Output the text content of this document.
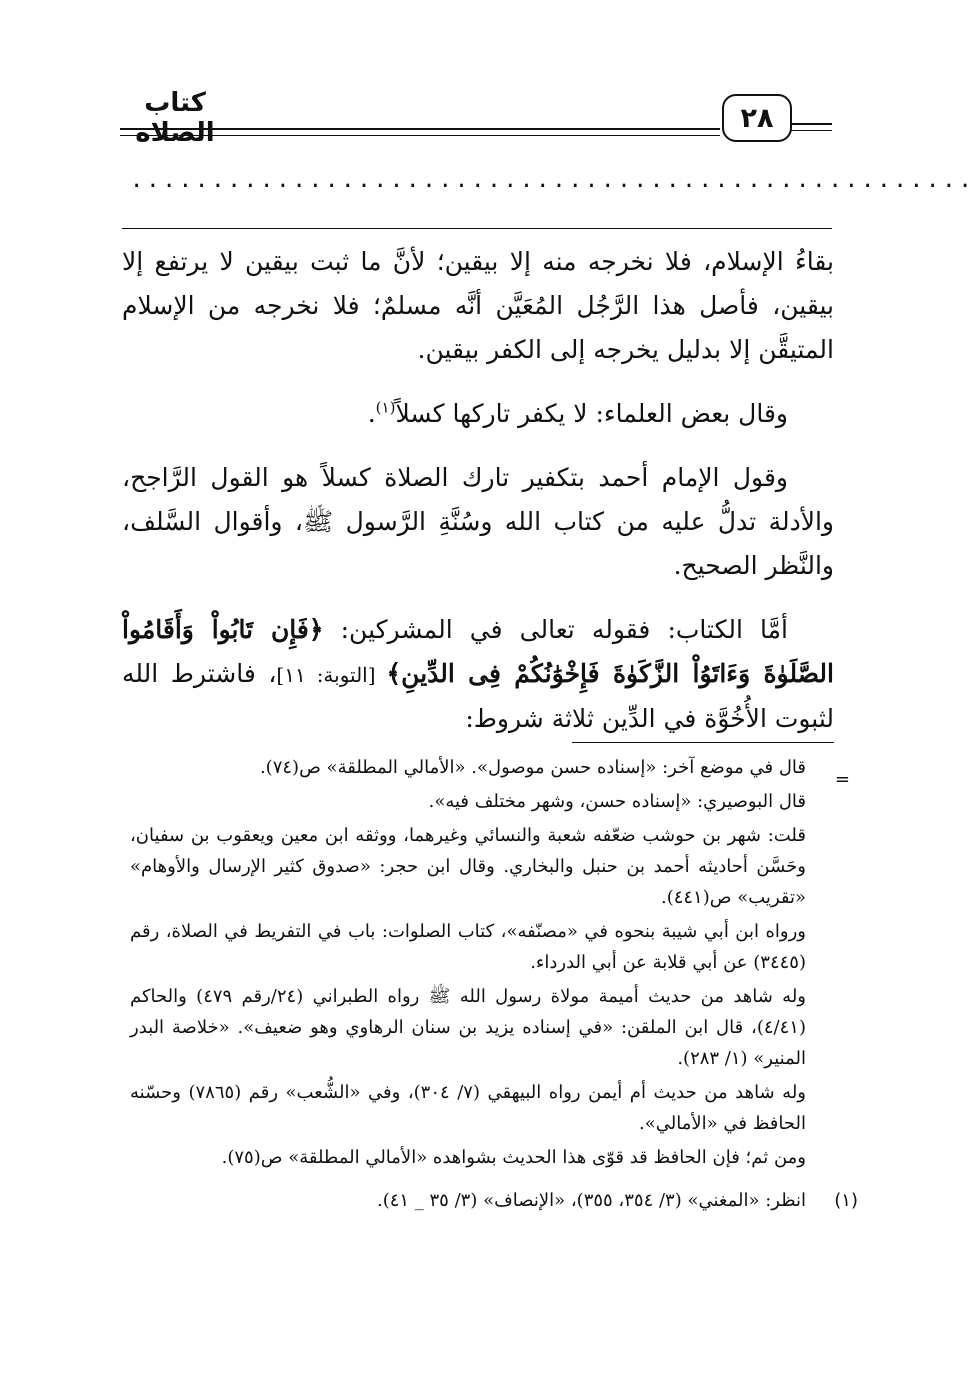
٢٨
كتاب الصلاة
....................................................

بقاءُ الإسلام، فلا نخرجه منه إلا بيقين؛ لأنَّ ما ثبت بيقين لا يرتفع إلا بيقين، فأصل هذا الرَّجُل المُعَيَّن أنَّه مسلمٌ؛ فلا نخرجه من الإسلام المتيقَّن إلا بدليل يخرجه إلى الكفر بيقين.

وقال بعض العلماء: لا يكفر تاركها كسلاً$^{(١)}$.

وقول الإمام أحمد بتكفير تارك الصلاة كسلاً هو القول الرَّاجح، والأدلة تدلُّ عليه من كتاب الله وسُنَّةِ الرَّسول ﷺ، وأقوال السَّلف، والنَّظر الصحيح.

أمَّا الكتاب: فقوله تعالى في المشركين: ﴿فَإِن تَابُواْ وَأَقَامُواْ الصَّلَوٰةَ وَءَاتَوُاْ الزَّكَوٰةَ فَإِخْوَٰنُكُمْ فِى الدِّينِ﴾ [التوبة: ١١]، فاشترط الله لثبوت الأُخُوَّة في الدِّين ثلاثة شروط:

=

قال في موضع آخر: «إسناده حسن موصول». «الأمالي المطلقة» ص(٧٤).

قال البوصيري: «إسناده حسن، وشهر مختلف فيه».

قلت: شهر بن حوشب ضعّفه شعبة والنسائي وغيرهما، ووثقه ابن معين ويعقوب بن سفيان، وحَسَّن أحاديثه أحمد بن حنبل والبخاري. وقال ابن حجر: «صدوق كثير الإرسال والأوهام» «تقريب» ص(٤٤١).

ورواه ابن أبي شيبة بنحوه في «مصنّفه»، كتاب الصلوات: باب في التفريط في الصلاة، رقم (٣٤٤٥) عن أبي قلابة عن أبي الدرداء.

وله شاهد من حديث أميمة مولاة رسول الله ﷺ رواه الطبراني (٢٤/رقم ٤٧٩) والحاكم (٤/٤١)، قال ابن الملقن: «في إسناده يزيد بن سنان الرهاوي وهو ضعيف». «خلاصة البدر المنير» (١/ ٢٨٣).

وله شاهد من حديث أم أيمن رواه البيهقي (٧/ ٣٠٤)، وفي «الشُّعب» رقم (٧٨٦٥) وحسّنه الحافظ في «الأمالي».

ومن ثم؛ فإن الحافظ قد قوّى هذا الحديث بشواهده «الأمالي المطلقة» ص(٧٥).

(١)
انظر: «المغني» (٣/ ٣٥٤، ٣٥٥)، «الإنصاف» (٣/ ٣٥ _ ٤١).
